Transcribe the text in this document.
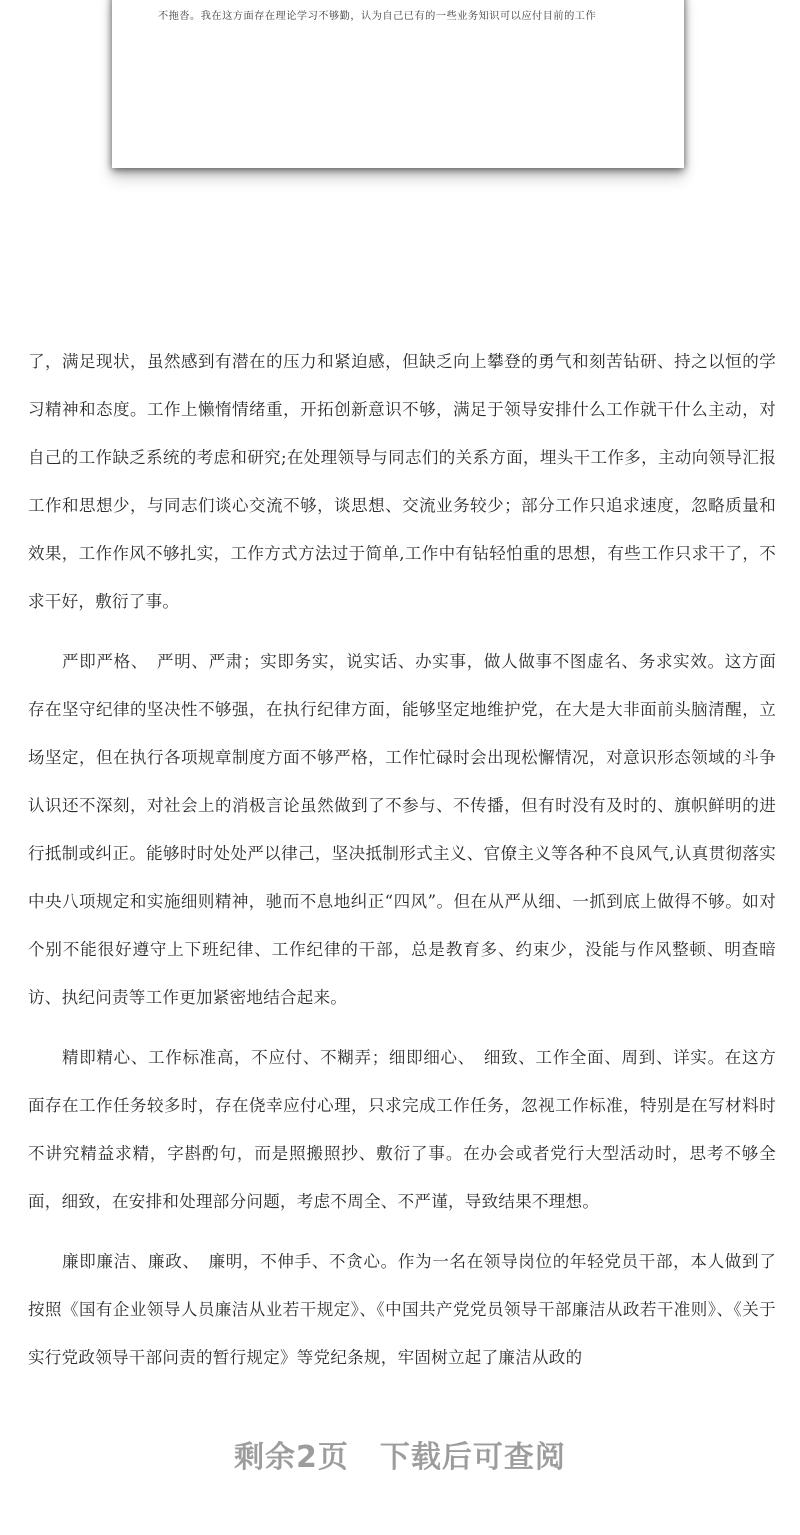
不拖沓。我在这方面存在理论学习不够勤，认为自己已有的一些业务知识可以应付目前的工作

了，满足现状，虽然感到有潜在的压力和紧迫感，但缺乏向上攀登的勇气和刻苦钻研、持之以恒的学习精神和态度。工作上懒惰情绪重，开拓创新意识不够，满足于领导安排什么工作就干什么主动，对自己的工作缺乏系统的考虑和研究;在处理领导与同志们的关系方面，埋头干工作多，主动向领导汇报工作和思想少，与同志们谈心交流不够，谈思想、交流业务较少；部分工作只追求速度，忽略质量和效果，工作作风不够扎实，工作方式方法过于简单,工作中有钻轻怕重的思想，有些工作只求干了，不求干好，敷衍了事。

严即严格、　严明、严肃；实即务实，说实话、办实事，做人做事不图虚名、务求实效。这方面存在坚守纪律的坚决性不够强，在执行纪律方面，能够坚定地维护党，在大是大非面前头脑清醒，立场坚定，但在执行各项规章制度方面不够严格，工作忙碌时会出现松懈情况，对意识形态领域的斗争认识还不深刻，对社会上的消极言论虽然做到了不参与、不传播，但有时没有及时的、旗帜鲜明的进行抵制或纠正。能够时时处处严以律己，坚决抵制形式主义、官僚主义等各种不良风气,认真贯彻落实中央八项规定和实施细则精神，驰而不息地纠正“四风”。但在从严从细、一抓到底上做得不够。如对个别不能很好遵守上下班纪律、工作纪律的干部，总是教育多、约束少，没能与作风整顿、明查暗访、执纪问责等工作更加紧密地结合起来。

精即精心、工作标准高，不应付、不糊弄；细即细心、　细致、工作全面、周到、详实。在这方面存在工作任务较多时，存在侥幸应付心理，只求完成工作任务，忽视工作标准，特别是在写材料时不讲究精益求精，字斟酌句，而是照搬照抄、敷衍了事。在办会或者党行大型活动时，思考不够全面，细致，在安排和处理部分问题，考虑不周全、不严谨，导致结果不理想。

廉即廉洁、廉政、　廉明，不伸手、不贪心。作为一名在领导岗位的年轻党员干部，本人做到了按照《国有企业领导人员廉洁从业若干规定》、《中国共产党党员领导干部廉洁从政若干准则》、《关于实行党政领导干部问责的暂行规定》等党纪条规，牢固树立起了廉洁从政的

剩余2页　下载后可查阅
